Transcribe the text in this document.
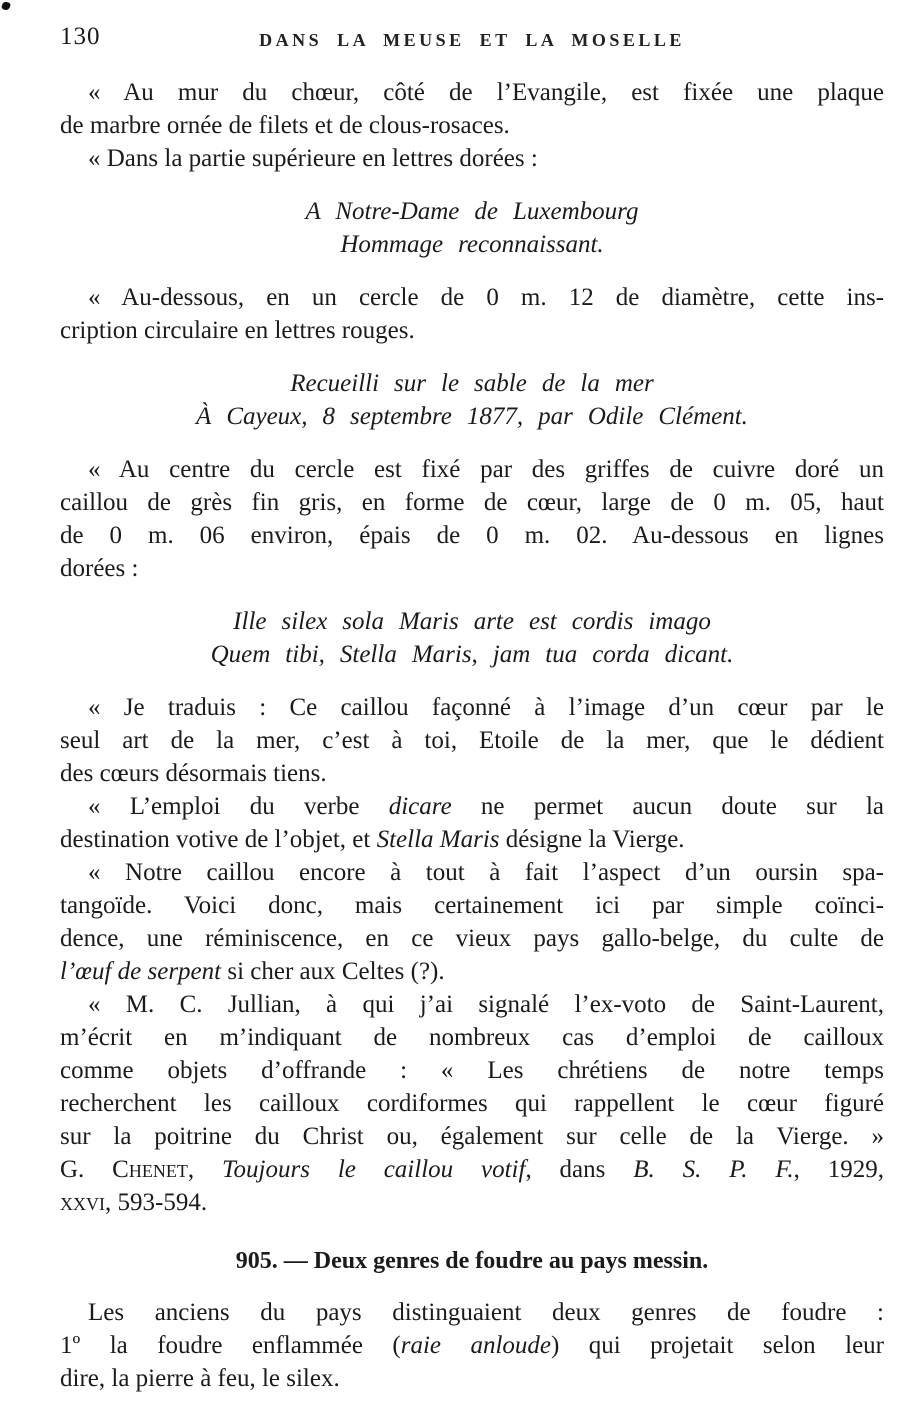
130	DANS LA MEUSE ET LA MOSELLE
« Au mur du chœur, côté de l’Evangile, est fixée une plaque
de marbre ornée de filets et de clous-rosaces.
« Dans la partie supérieure en lettres dorées :
A Notre-Dame de Luxembourg
Hommage reconnaissant.
« Au-dessous, en un cercle de 0 m. 12 de diamètre, cette ins-
cription circulaire en lettres rouges.
Recueilli sur le sable de la mer
À Cayeux, 8 septembre 1877, par Odile Clément.
« Au centre du cercle est fixé par des griffes de cuivre doré un
caillou de grès fin gris, en forme de cœur, large de 0 m. 05, haut
de 0 m. 06 environ, épais de 0 m. 02. Au-dessous en lignes
dorées :
Ille silex sola Maris arte est cordis imago
Quem tibi, Stella Maris, jam tua corda dicant.
« Je traduis : Ce caillou façonné à l’image d’un cœur par le
seul art de la mer, c’est à toi, Etoile de la mer, que le dédient
des cœurs désormais tiens.
« L’emploi du verbe dicare ne permet aucun doute sur la
destination votive de l’objet, et Stella Maris désigne la Vierge.
« Notre caillou encore à tout à fait l’aspect d’un oursin spa-
tangoïde. Voici donc, mais certainement ici par simple coïnci-
dence, une réminiscence, en ce vieux pays gallo-belge, du culte de
l’œuf de serpent si cher aux Celtes (?).
« M. C. Jullian, à qui j’ai signalé l’ex-voto de Saint-Laurent,
m’écrit en m’indiquant de nombreux cas d’emploi de cailloux
comme objets d’offrande : « Les chrétiens de notre temps
recherchent les cailloux cordiformes qui rappellent le cœur figuré
sur la poitrine du Christ ou, également sur celle de la Vierge. »
G. Chenet, Toujours le caillou votif, dans B. S. P. F., 1929,
xxvi, 593-594.
905. — Deux genres de foudre au pays messin.
Les anciens du pays distinguaient deux genres de foudre :
1º la foudre enflammée (raie anloude) qui projetait selon leur
dire, la pierre à feu, le silex.
